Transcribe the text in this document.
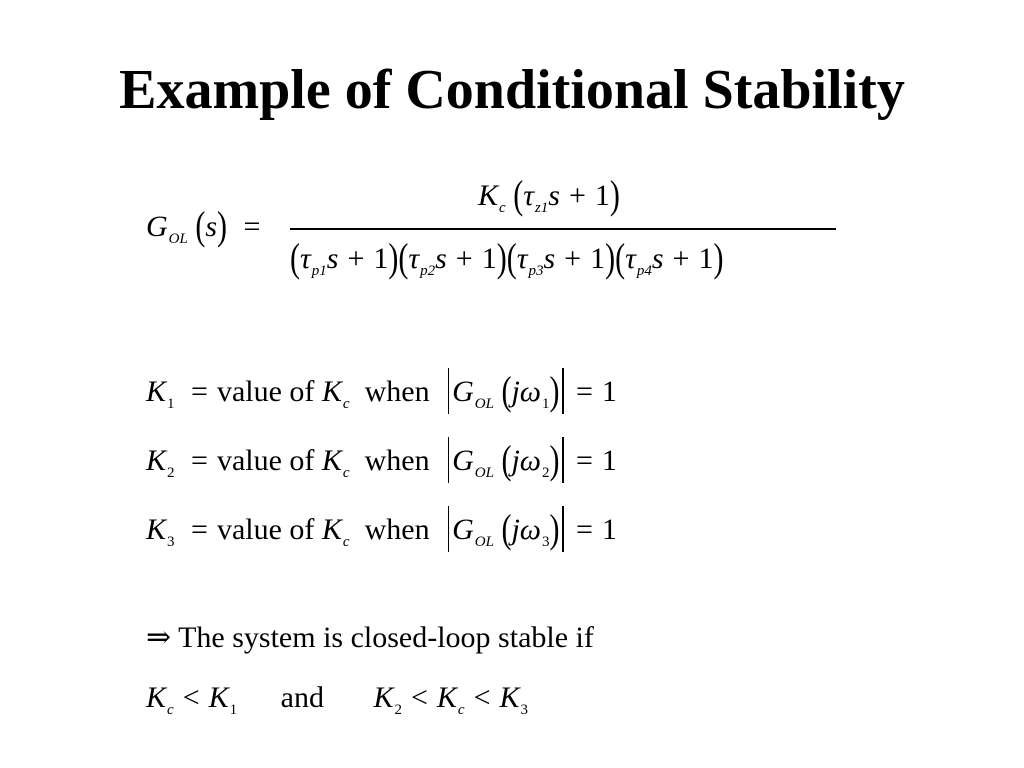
Example of Conditional Stability
$G_{OL}$ (s) =
$K_c$ $(\tau_{z1}s + 1)$
$(\tau_{p1}s + 1)(\tau_{p2}s + 1)(\tau_{p3}s + 1)(\tau_{p4}s + 1)$
$K_1$ = value of $K_c$ when $G_{OL}$ $(j\omega_1) = 1$
$K_2$ = value of $K_c$ when $G_{OL}$ $(j\omega_2) = 1$
$K_3$ = value of $K_c$ when $G_{OL}$ $(j\omega_3) = 1$
⇒ The system is closed-loop stable if
$K_c < K_1$ and $K_2 < K_c < K_3$
